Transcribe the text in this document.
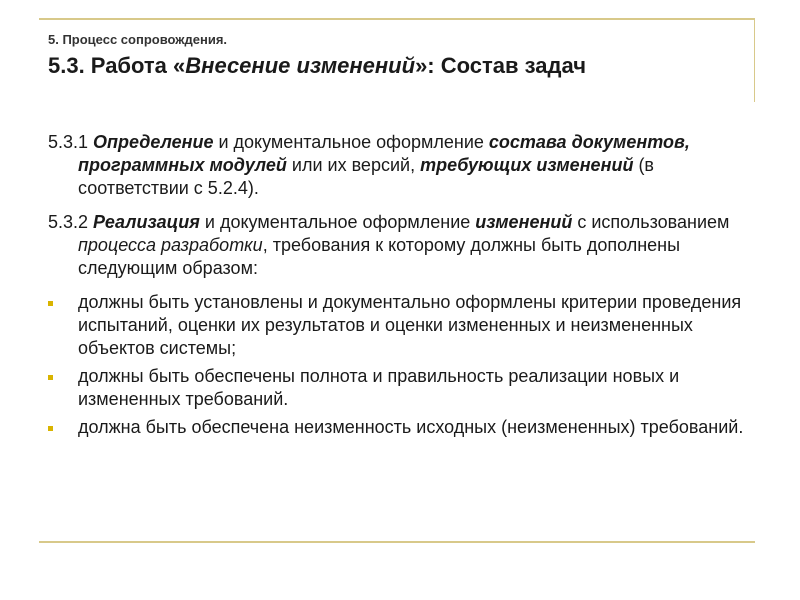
5. Процесс сопровождения.
5.3. Работа «Внесение изменений»: Состав задач

5.3.1 Определение и документальное оформление состава документов, программных модулей или их версий, требующих изменений (в соответствии с 5.2.4).

5.3.2 Реализация и документальное оформление изменений с использованием процесса разработки, требования к которому должны быть дополнены следующим образом:

должны быть установлены и документально оформлены критерии проведения испытаний, оценки их результатов и оценки измененных и неизмененных объектов системы;
должны быть обеспечены полнота и правильность реализации новых и измененных требований.
должна быть обеспечена неизменность исходных (неизмененных) требований.
